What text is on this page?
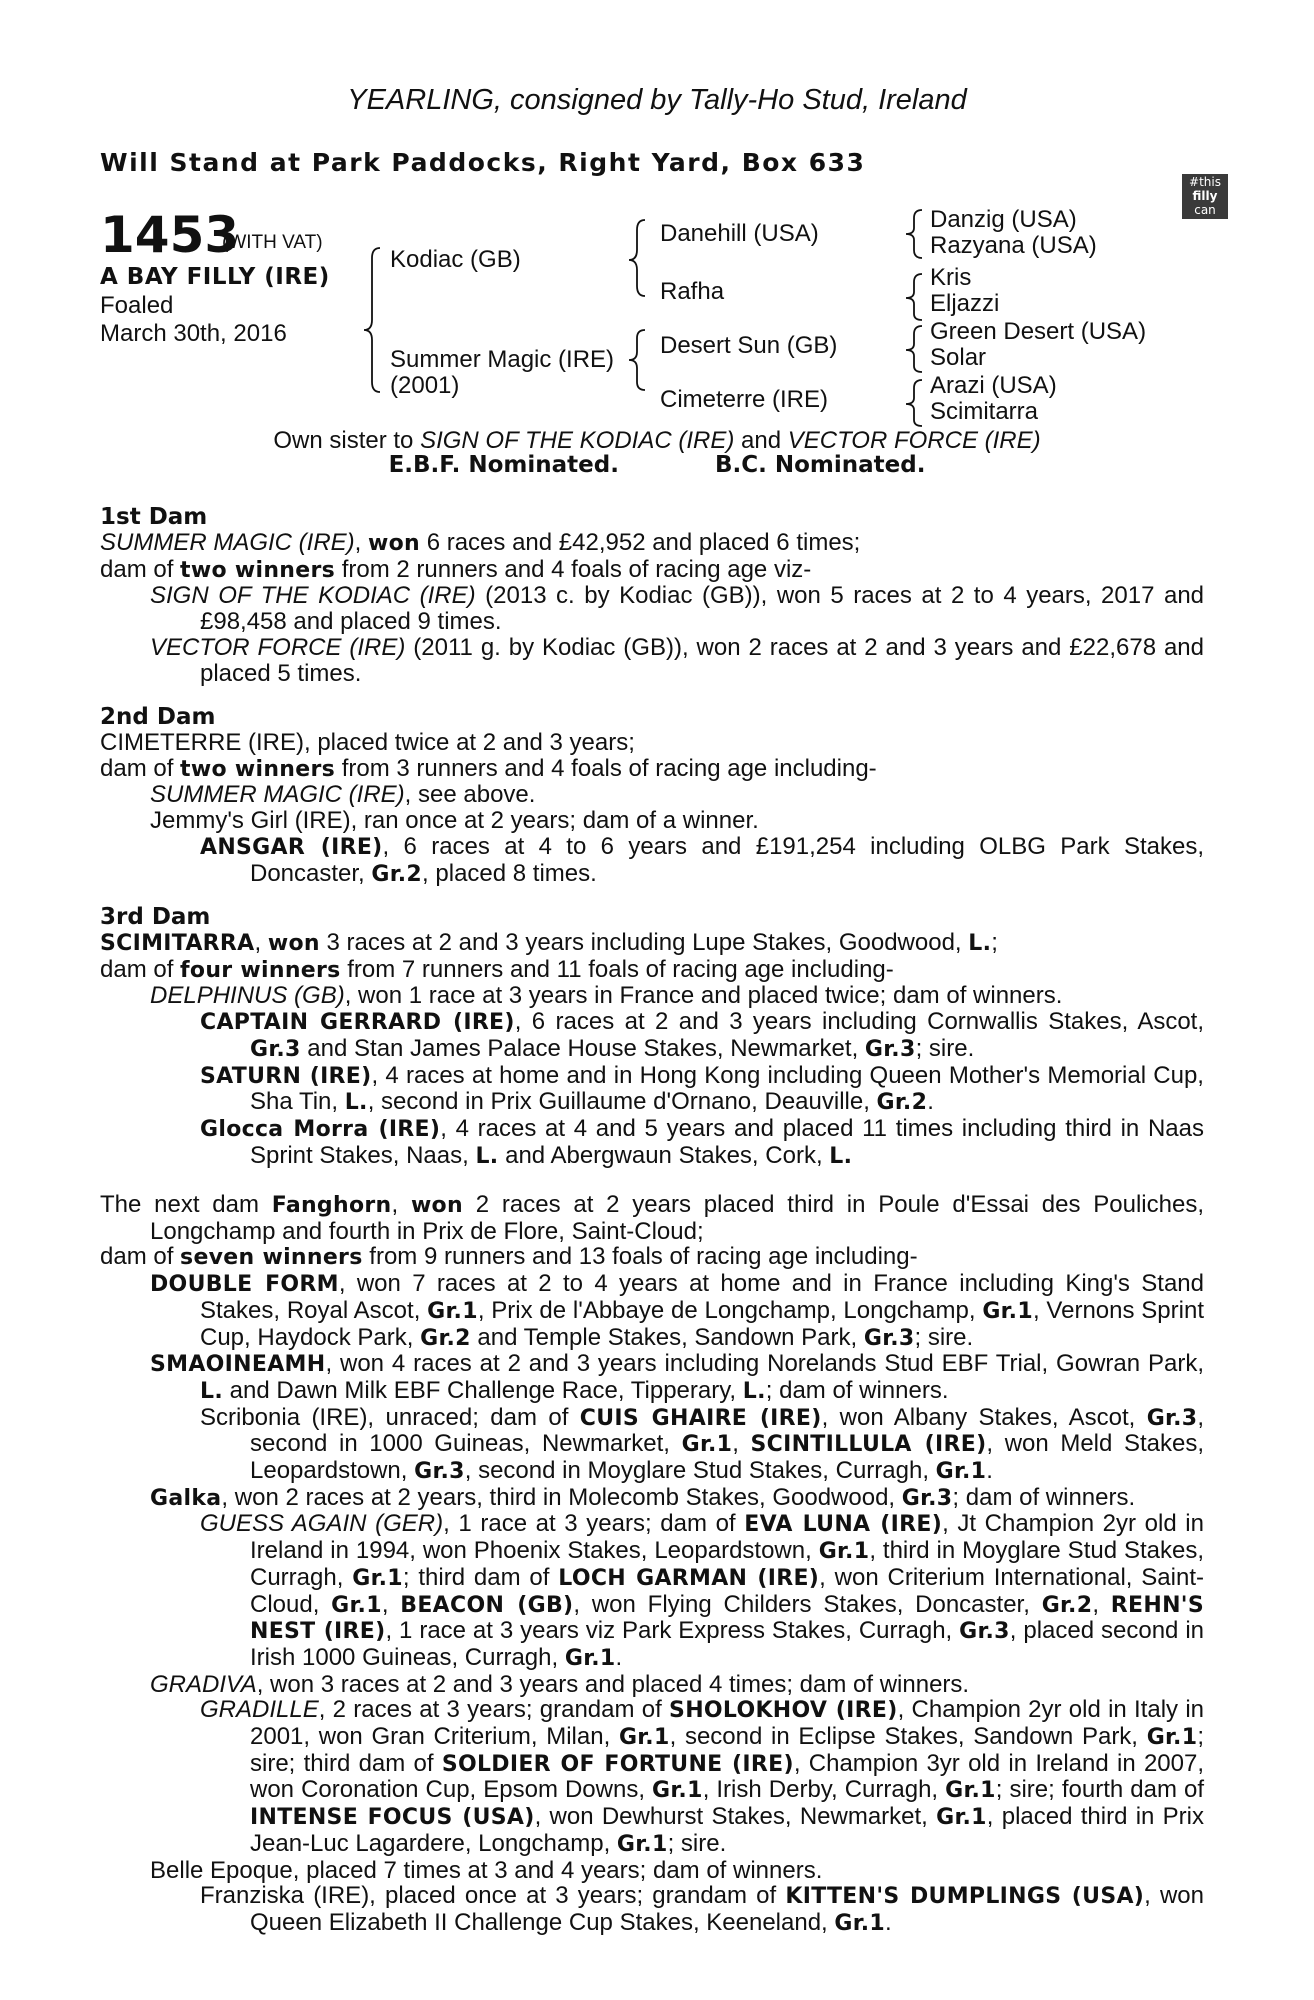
YEARLING, consigned by Tally-Ho Stud, Ireland
Will Stand at Park Paddocks, Right Yard, Box 633
#this
filly
can
1453
(WITH VAT)
A BAY FILLY (IRE)
Foaled
March 30th, 2016
Kodiac (GB)
Summer Magic (IRE)
(2001)
Danehill (USA)
Rafha
Desert Sun (GB)
Cimeterre (IRE)
Danzig (USA)
Razyana (USA)
Kris
Eljazzi
Green Desert (USA)
Solar
Arazi (USA)
Scimitarra
Own sister to SIGN OF THE KODIAC (IRE) and VECTOR FORCE (IRE)
E.B.F. Nominated.	B.C. Nominated.
1st Dam

SUMMER MAGIC (IRE), won 6 races and £42,952 and placed 6 times;

dam of two winners from 2 runners and 4 foals of racing age viz-

SIGN OF THE KODIAC (IRE) (2013 c. by Kodiac (GB)), won 5 races at 2 to 4 years, 2017 and £98,458 and placed 9 times.

VECTOR FORCE (IRE) (2011 g. by Kodiac (GB)), won 2 races at 2 and 3 years and £22,678 and placed 5 times.

2nd Dam

CIMETERRE (IRE), placed twice at 2 and 3 years;

dam of two winners from 3 runners and 4 foals of racing age including-

SUMMER MAGIC (IRE), see above.

Jemmy's Girl (IRE), ran once at 2 years; dam of a winner.

ANSGAR (IRE), 6 races at 4 to 6 years and £191,254 including OLBG Park Stakes, Doncaster, Gr.2, placed 8 times.

3rd Dam

SCIMITARRA, won 3 races at 2 and 3 years including Lupe Stakes, Goodwood, L.;

dam of four winners from 7 runners and 11 foals of racing age including-

DELPHINUS (GB), won 1 race at 3 years in France and placed twice; dam of winners.

CAPTAIN GERRARD (IRE), 6 races at 2 and 3 years including Cornwallis Stakes, Ascot, Gr.3 and Stan James Palace House Stakes, Newmarket, Gr.3; sire.

SATURN (IRE), 4 races at home and in Hong Kong including Queen Mother's Memorial Cup, Sha Tin, L., second in Prix Guillaume d'Ornano, Deauville, Gr.2.

Glocca Morra (IRE), 4 races at 4 and 5 years and placed 11 times including third in Naas Sprint Stakes, Naas, L. and Abergwaun Stakes, Cork, L.

The next dam Fanghorn, won 2 races at 2 years placed third in Poule d'Essai des Pouliches, Longchamp and fourth in Prix de Flore, Saint-Cloud;

dam of seven winners from 9 runners and 13 foals of racing age including-

DOUBLE FORM, won 7 races at 2 to 4 years at home and in France including King's Stand Stakes, Royal Ascot, Gr.1, Prix de l'Abbaye de Longchamp, Longchamp, Gr.1, Vernons Sprint Cup, Haydock Park, Gr.2 and Temple Stakes, Sandown Park, Gr.3; sire.

SMAOINEAMH, won 4 races at 2 and 3 years including Norelands Stud EBF Trial, Gowran Park, L. and Dawn Milk EBF Challenge Race, Tipperary, L.; dam of winners.

Scribonia (IRE), unraced; dam of CUIS GHAIRE (IRE), won Albany Stakes, Ascot, Gr.3, second in 1000 Guineas, Newmarket, Gr.1, SCINTILLULA (IRE), won Meld Stakes, Leopardstown, Gr.3, second in Moyglare Stud Stakes, Curragh, Gr.1.

Galka, won 2 races at 2 years, third in Molecomb Stakes, Goodwood, Gr.3; dam of winners.

GUESS AGAIN (GER), 1 race at 3 years; dam of EVA LUNA (IRE), Jt Champion 2yr old in Ireland in 1994, won Phoenix Stakes, Leopardstown, Gr.1, third in Moyglare Stud Stakes, Curragh, Gr.1; third dam of LOCH GARMAN (IRE), won Criterium International, Saint-Cloud, Gr.1, BEACON (GB), won Flying Childers Stakes, Doncaster, Gr.2, REHN'S NEST (IRE), 1 race at 3 years viz Park Express Stakes, Curragh, Gr.3, placed second in Irish 1000 Guineas, Curragh, Gr.1.

GRADIVA, won 3 races at 2 and 3 years and placed 4 times; dam of winners.

GRADILLE, 2 races at 3 years; grandam of SHOLOKHOV (IRE), Champion 2yr old in Italy in 2001, won Gran Criterium, Milan, Gr.1, second in Eclipse Stakes, Sandown Park, Gr.1; sire; third dam of SOLDIER OF FORTUNE (IRE), Champion 3yr old in Ireland in 2007, won Coronation Cup, Epsom Downs, Gr.1, Irish Derby, Curragh, Gr.1; sire; fourth dam of INTENSE FOCUS (USA), won Dewhurst Stakes, Newmarket, Gr.1, placed third in Prix Jean-Luc Lagardere, Longchamp, Gr.1; sire.

Belle Epoque, placed 7 times at 3 and 4 years; dam of winners.

Franziska (IRE), placed once at 3 years; grandam of KITTEN'S DUMPLINGS (USA), won Queen Elizabeth II Challenge Cup Stakes, Keeneland, Gr.1.
